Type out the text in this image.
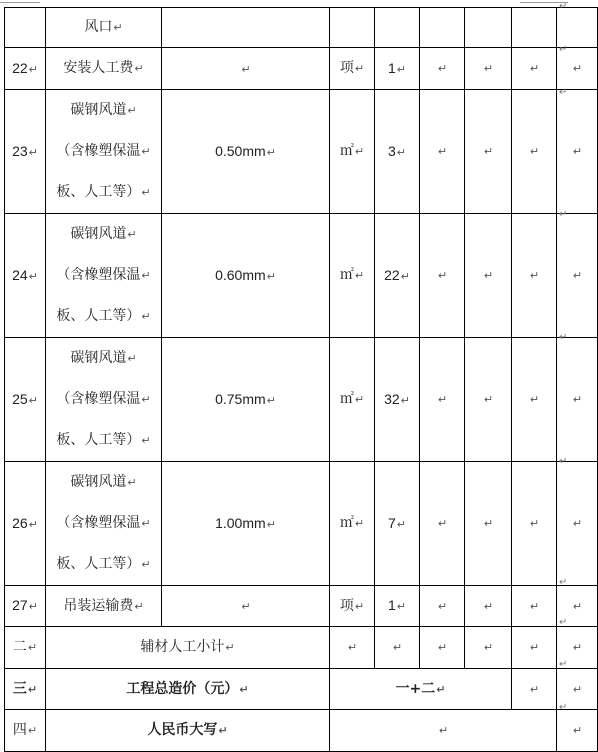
	风口↵							

22↵	安装人工费↵	↵	项↵	1↵	↵	↵	↵	↵
23↵	碳钢风道↵
（含橡塑保温↵
板、人工等）↵	0.50mm↵	㎡↵	3↵	↵	↵	↵	↵
24↵	碳钢风道↵
（含橡塑保温↵
板、人工等）↵	0.60mm↵	㎡↵	22↵	↵	↵	↵	↵
25↵	碳钢风道↵
（含橡塑保温↵
板、人工等）↵	0.75mm↵	㎡↵	32↵	↵	↵	↵	↵
26↵	碳钢风道↵
（含橡塑保温↵
板、人工等）↵	1.00mm↵	㎡↵	7↵	↵	↵	↵	↵
27↵	吊装运输费↵	↵	项↵	1↵	↵	↵	↵	↵
二↵	辅材人工小计↵		↵	↵	↵	↵	↵	↵
三↵	工程总造价（元）↵		一+二↵				↵	↵
四↵	人民币大写↵		↵					↵
↵
↵
↵
↵
↵
↵
↵
↵
↵
↵
